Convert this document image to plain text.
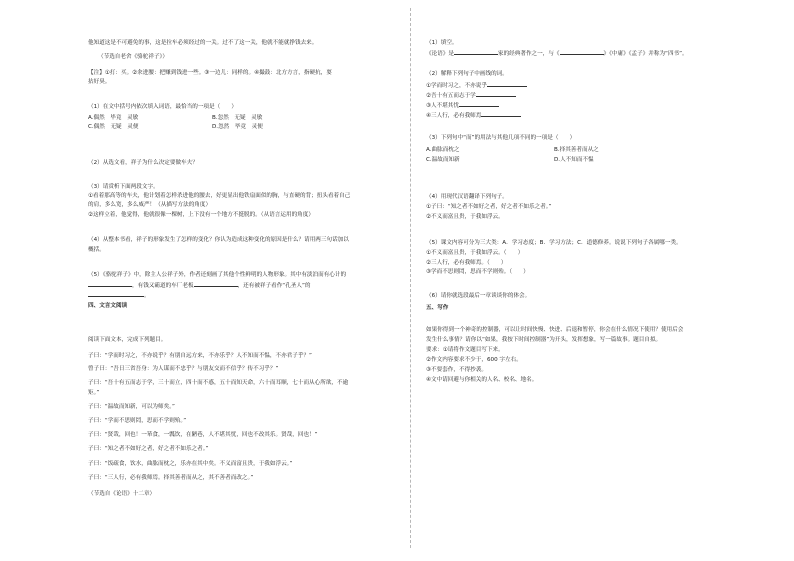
他知道这是不可避免的事，这是拉车必须经过的一关。过不了这一关，他就不能就挣钱去来。
（节选自老舍《骆驼祥子》）
【注】①打：买。②汆进腰：把赚到钱进一些。③一边儿：同样的。④撮鼓：北方方言，指硬抗，耍
拈好臭。
（1）在文中括号内依次填入词语，最恰当的一项是（　　）
A.偶然　毕竟　灵敏	B.忽然　无疑　灵敏
C.偶然　无疑　灵便	D.忽然　毕竟　灵便
（2）从选文看，祥子为什么决定要做车夫？
（3）请赏析下面两段文字。
①看着那高等的车夫，他计划着怎样杀进他的腰去，好更显出他铁扇面似的胸，与直硬的背；扭头看着自己
的肩，多么宽，多么威严！（从描写方法的角度）
②这样立着，他觉得，他就很像一棵树，上下没有一个地方不挺脱的。（从语言运用的角度）
（4）从整本书看，祥子的形象发生了怎样的变化？你认为造成这种变化的原因是什么？请用两三句话加以
概括。
（5）《骆驼祥子》中，除主人公祥子外，作者还刻画了其他个性鲜明的人物形象。其中有淡泊而有心计的
，有钱又霸道的车厂老板	，还有被祥子看作“孔圣人”的
。
四、文言文阅读
阅读下面文本，完成下列题目。
子曰：“学而时习之，不亦说乎？有朋自远方来，不亦乐乎？人不知而不愠，不亦君子乎？”
曾子曰：“吾日三省吾身：为人谋而不忠乎？与朋友交而不信乎？传不习乎？”
子曰：“吾十有五而志于学，三十而立，四十而不惑，五十而知天命，六十而耳顺，七十而从心所欲，不逾
矩。”
子曰：“温故而知新，可以为师矣。”
子曰：“学而不思则罔，思而不学则殆。”
子曰：“贤哉，回也！一箪食，一瓢饮，在陋巷，人不堪其忧，回也不改其乐。贤哉，回也！”
子曰：“知之者不如好之者，好之者不如乐之者。”
子曰：“饭疏食，饮水，曲肱而枕之，乐亦在其中矣。不义而富且贵，于我如浮云。”
子曰：“三人行，必有我师焉。择其善者而从之，其不善者而改之。”
（节选自《论语》十二章）
（1）填空。
《论语》是	家的经典著作之一，与《	》《中庸》《孟子》并称为“四书”。
（2）解释下列句子中画线的词。
①学而时习之，不亦说乎
②吾十有五而志于学
③人不堪其忧
④三人行，必有我师焉
（3）下列句中“而”的用法与其他几项不同的一项是（　　）
A.曲肱而枕之	B.择其善者而从之
C.温故而知新	D.人不知而不愠
（4）用现代汉语翻译下列句子。
①子曰：“知之者不如好之者，好之者不如乐之者。”
②不义而富且贵，于我如浮云。
（5）课文内容可分为三大类：A．学习态度；B．学习方法；C．道德修养。说说下列句子各属哪一类。
①不义而富且贵，于我如浮云。（　　）
②三人行，必有我师焉。（　　）
③学而不思则罔，思而不学则殆。（　　）
（6）请你就选段最后一章谈谈你的体会。
五、写作
如果你得到一个神奇的控制器，可以让时间快慢、快进、后退和暂停，你会在什么情况下使用？使用后会
发生什么事情？请你以“如果，我按下时间控制器”为开头，发挥想象，写一篇故事。题目自拟。
要求：①请将作文题目写下来。
②作文内容要求不少于，600 字左右。
③不要套作，不得抄袭。
④文中请回避与你相关的人名、校名、地名。
